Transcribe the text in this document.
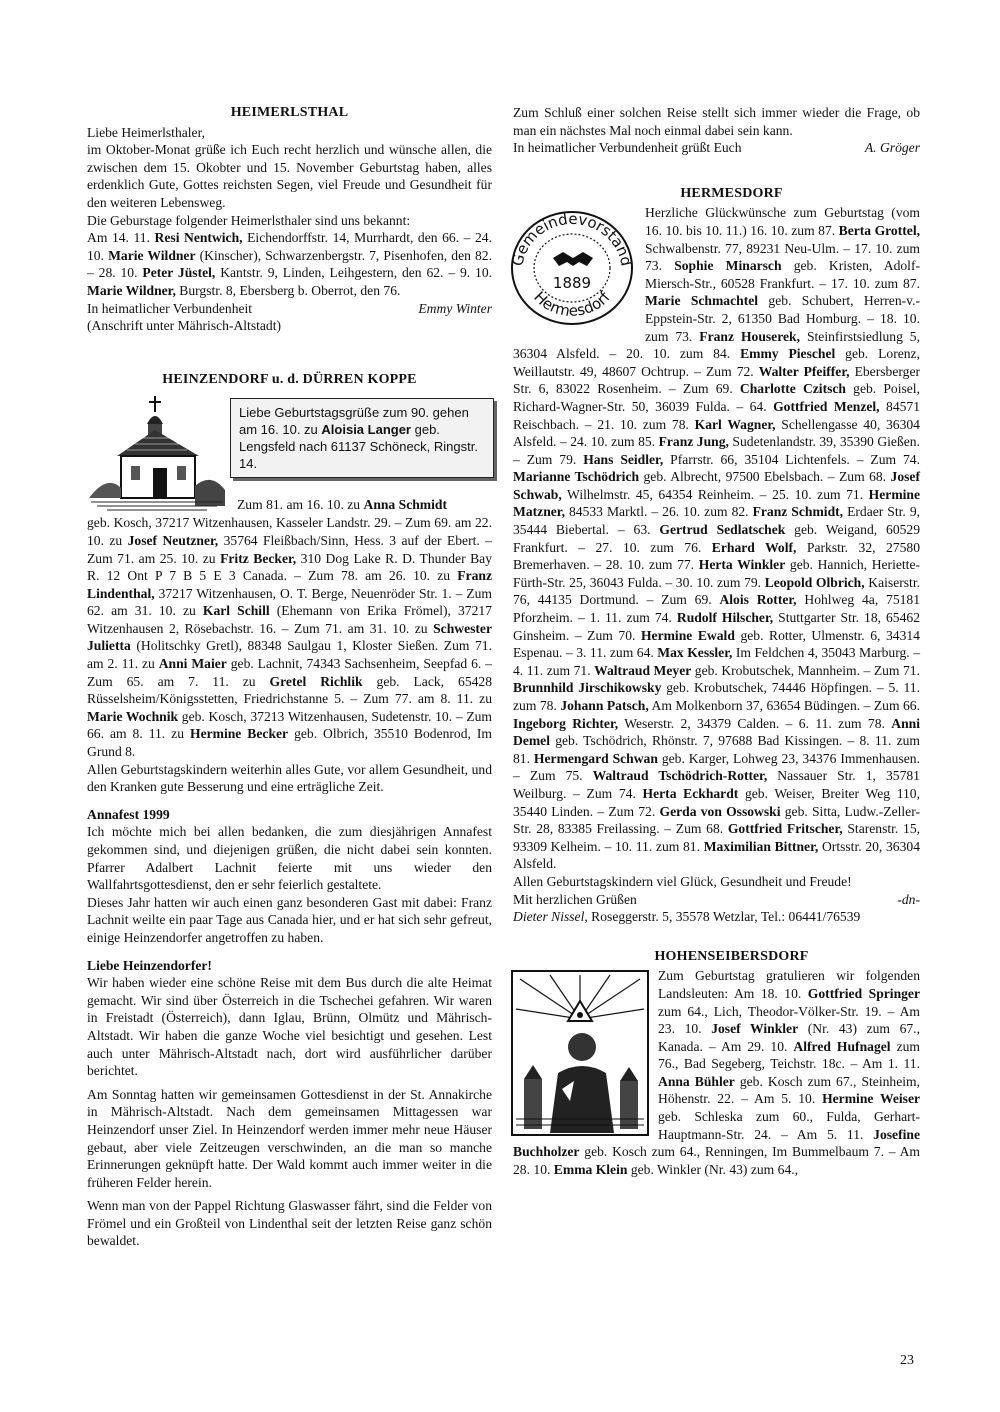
HEIMERLSTHAL

Liebe Heimerlsthaler,

im Oktober-Monat grüße ich Euch recht herzlich und wünsche allen, die zwischen dem 15. Okobter und 15. November Geburtstag haben, alles erdenklich Gute, Gottes reichsten Segen, viel Freude und Gesundheit für den weiteren Lebensweg.

Die Geburstage folgender Heimerlsthaler sind uns bekannt:

Am 14. 11. Resi Nentwich, Eichendorffstr. 14, Murrhardt, den 66. – 24. 10. Marie Wildner (Kinscher), Schwarzenbergstr. 7, Pisenhofen, den 82. – 28. 10. Peter Jüstel, Kantstr. 9, Linden, Leihgestern, den 62. – 9. 10. Marie Wildner, Burgstr. 8, Ebersberg b. Oberrot, den 76.

In heimatlicher Verbundenheit	Emmy Winter

(Anschrift unter Mährisch-Altstadt)

HEINZENDORF u. d. DÜRREN KOPPE
Liebe Geburtstagsgrüße zum 90. gehen am 16. 10. zu Aloisia Langer geb. Lengsfeld nach 61137 Schöneck, Ringstr. 14.
Zum 81. am 16. 10. zu Anna Schmidt

geb. Kosch, 37217 Witzenhausen, Kasseler Landstr. 29. – Zum 69. am 22. 10. zu Josef Neutzner, 35764 Fleißbach/Sinn, Hess. 3 auf der Ebert. – Zum 71. am 25. 10. zu Fritz Becker, 310 Dog Lake R. D. Thunder Bay R. 12 Ont P 7 B 5 E 3 Canada. – Zum 78. am 26. 10. zu Franz Lindenthal, 37217 Witzenhausen, O. T. Berge, Neuenröder Str. 1. – Zum 62. am 31. 10. zu Karl Schill (Ehemann von Erika Frömel), 37217 Witzenhausen 2, Rösebachstr. 16. – Zum 71. am 31. 10. zu Schwester Julietta (Holitschky Gretl), 88348 Saulgau 1, Kloster Sießen. Zum 71. am 2. 11. zu Anni Maier geb. Lachnit, 74343 Sachsenheim, Seepfad 6. – Zum 65. am 7. 11. zu Gretel Richlik geb. Lack, 65428 Rüsselsheim/Königsstetten, Friedrichstanne 5. – Zum 77. am 8. 11. zu Marie Wochnik geb. Kosch, 37213 Witzenhausen, Sudetenstr. 10. – Zum 66. am 8. 11. zu Hermine Becker geb. Olbrich, 35510 Bodenrod, Im Grund 8.

Allen Geburtstagskindern weiterhin alles Gute, vor allem Gesundheit, und den Kranken gute Besserung und eine erträgliche Zeit.

Annafest 1999

Ich möchte mich bei allen bedanken, die zum diesjährigen Annafest gekommen sind, und diejenigen grüßen, die nicht dabei sein konnten. Pfarrer Adalbert Lachnit feierte mit uns wieder den Wallfahrtsgottesdienst, den er sehr feierlich gestaltete.

Dieses Jahr hatten wir auch einen ganz besonderen Gast mit dabei: Franz Lachnit weilte ein paar Tage aus Canada hier, und er hat sich sehr gefreut, einige Heinzendorfer angetroffen zu haben.

Liebe Heinzendorfer!

Wir haben wieder eine schöne Reise mit dem Bus durch die alte Heimat gemacht. Wir sind über Österreich in die Tschechei gefahren. Wir waren in Freistadt (Österreich), dann Iglau, Brünn, Olmütz und Mährisch-Altstadt. Wir haben die ganze Woche viel besichtigt und gesehen. Lest auch unter Mährisch-Altstadt nach, dort wird ausführlicher darüber berichtet.

Am Sonntag hatten wir gemeinsamen Gottesdienst in der St. Annakirche in Mährisch-Altstadt. Nach dem gemeinsamen Mittagessen war Heinzendorf unser Ziel. In Heinzendorf werden immer mehr neue Häuser gebaut, aber viele Zeitzeugen verschwinden, an die man so manche Erinnerungen geknüpft hatte. Der Wald kommt auch immer weiter in die früheren Felder herein.

Wenn man von der Pappel Richtung Glaswasser fährt, sind die Felder von Frömel und ein Großteil von Lindenthal seit der letzten Reise ganz schön bewaldet.

Zum Schluß einer solchen Reise stellt sich immer wieder die Frage, ob man ein nächstes Mal noch einmal dabei sein kann.

In heimatlicher Verbundenheit grüßt Euch	A. Gröger
HERMESDORF
Gemeindevorstand
Hermesdorf
1889

Herzliche Glückwünsche zum Geburtstag (vom 16. 10. bis 10. 11.) 16. 10. zum 87. Berta Grottel, Schwalbenstr. 77, 89231 Neu-Ulm. – 17. 10. zum 73. Sophie Minarsch geb. Kristen, Adolf-Miersch-Str., 60528 Frankfurt. – 17. 10. zum 87. Marie Schmachtel geb. Schubert, Herren-v.-Eppstein-Str. 2, 61350 Bad Homburg. – 18. 10. zum 73. Franz Houserek, Steinfirstsiedlung 5, 36304 Alsfeld. – 20. 10. zum 84. Emmy Pieschel geb. Lorenz, Weillautstr. 49, 48607 Ochtrup. – Zum 72. Walter Pfeiffer, Ebersberger Str. 6, 83022 Rosenheim. – Zum 69. Charlotte Czitsch geb. Poisel, Richard-Wagner-Str. 50, 36039 Fulda. – 64. Gottfried Menzel, 84571 Reischbach. – 21. 10. zum 78. Karl Wagner, Schellengasse 40, 36304 Alsfeld. – 24. 10. zum 85. Franz Jung, Sudetenlandstr. 39, 35390 Gießen. – Zum 79. Hans Seidler, Pfarrstr. 66, 35104 Lichtenfels. – Zum 74. Marianne Tschödrich geb. Albrecht, 97500 Ebelsbach. – Zum 68. Josef Schwab, Wilhelmstr. 45, 64354 Reinheim. – 25. 10. zum 71. Hermine Matzner, 84533 Marktl. – 26. 10. zum 82. Franz Schmidt, Erdaer Str. 9, 35444 Biebertal. – 63. Gertrud Sedlatschek geb. Weigand, 60529 Frankfurt. – 27. 10. zum 76. Erhard Wolf, Parkstr. 32, 27580 Bremerhaven. – 28. 10. zum 77. Herta Winkler geb. Hannich, Heriette-Fürth-Str. 25, 36043 Fulda. – 30. 10. zum 79. Leopold Olbrich, Kaiserstr. 76, 44135 Dortmund. – Zum 69. Alois Rotter, Hohlweg 4a, 75181 Pforzheim. – 1. 11. zum 74. Rudolf Hilscher, Stuttgarter Str. 18, 65462 Ginsheim. – Zum 70. Hermine Ewald geb. Rotter, Ulmenstr. 6, 34314 Espenau. – 3. 11. zum 64. Max Kessler, Im Feldchen 4, 35043 Marburg. – 4. 11. zum 71. Waltraud Meyer geb. Krobutschek, Mannheim. – Zum 71. Brunnhild Jirschikowsky geb. Krobutschek, 74446 Höpfingen. – 5. 11. zum 78. Johann Patsch, Am Molkenborn 37, 63654 Büdingen. – Zum 66. Ingeborg Richter, Weserstr. 2, 34379 Calden. – 6. 11. zum 78. Anni Demel geb. Tschödrich, Rhönstr. 7, 97688 Bad Kissingen. – 8. 11. zum 81. Hermengard Schwan geb. Karger, Lohweg 23, 34376 Immenhausen. – Zum 75. Waltraud Tschödrich-Rotter, Nassauer Str. 1, 35781 Weilburg. – Zum 74. Herta Eckhardt geb. Weiser, Breiter Weg 110, 35440 Linden. – Zum 72. Gerda von Ossowski geb. Sitta, Ludw.-Zeller-Str. 28, 83385 Freilassing. – Zum 68. Gottfried Fritscher, Starenstr. 15, 93309 Kelheim. – 10. 11. zum 81. Maximilian Bittner, Ortsstr. 20, 36304 Alsfeld.

Allen Geburtstagskindern viel Glück, Gesundheit und Freude!

Mit herzlichen Grüßen	-dn-

Dieter Nissel, Roseggerstr. 5, 35578 Wetzlar, Tel.: 06441/76539

HOHENSEIBERSDORF

Zum Geburtstag gratulieren wir folgenden Landsleuten: Am 18. 10. Gottfried Springer zum 64., Lich, Theodor-Völker-Str. 19. – Am 23. 10. Josef Winkler (Nr. 43) zum 67., Kanada. – Am 29. 10. Alfred Hufnagel zum 76., Bad Segeberg, Teichstr. 18c. – Am 1. 11. Anna Bühler geb. Kosch zum 67., Steinheim, Höhenstr. 22. – Am 5. 10. Hermine Weiser geb. Schleska zum 60., Fulda, Gerhart-Hauptmann-Str. 24. – Am 5. 11. Josefine Buchholzer geb. Kosch zum 64., Renningen, Im Bummelbaum 7. – Am 28. 10. Emma Klein geb. Winkler (Nr. 43) zum 64.,

23
